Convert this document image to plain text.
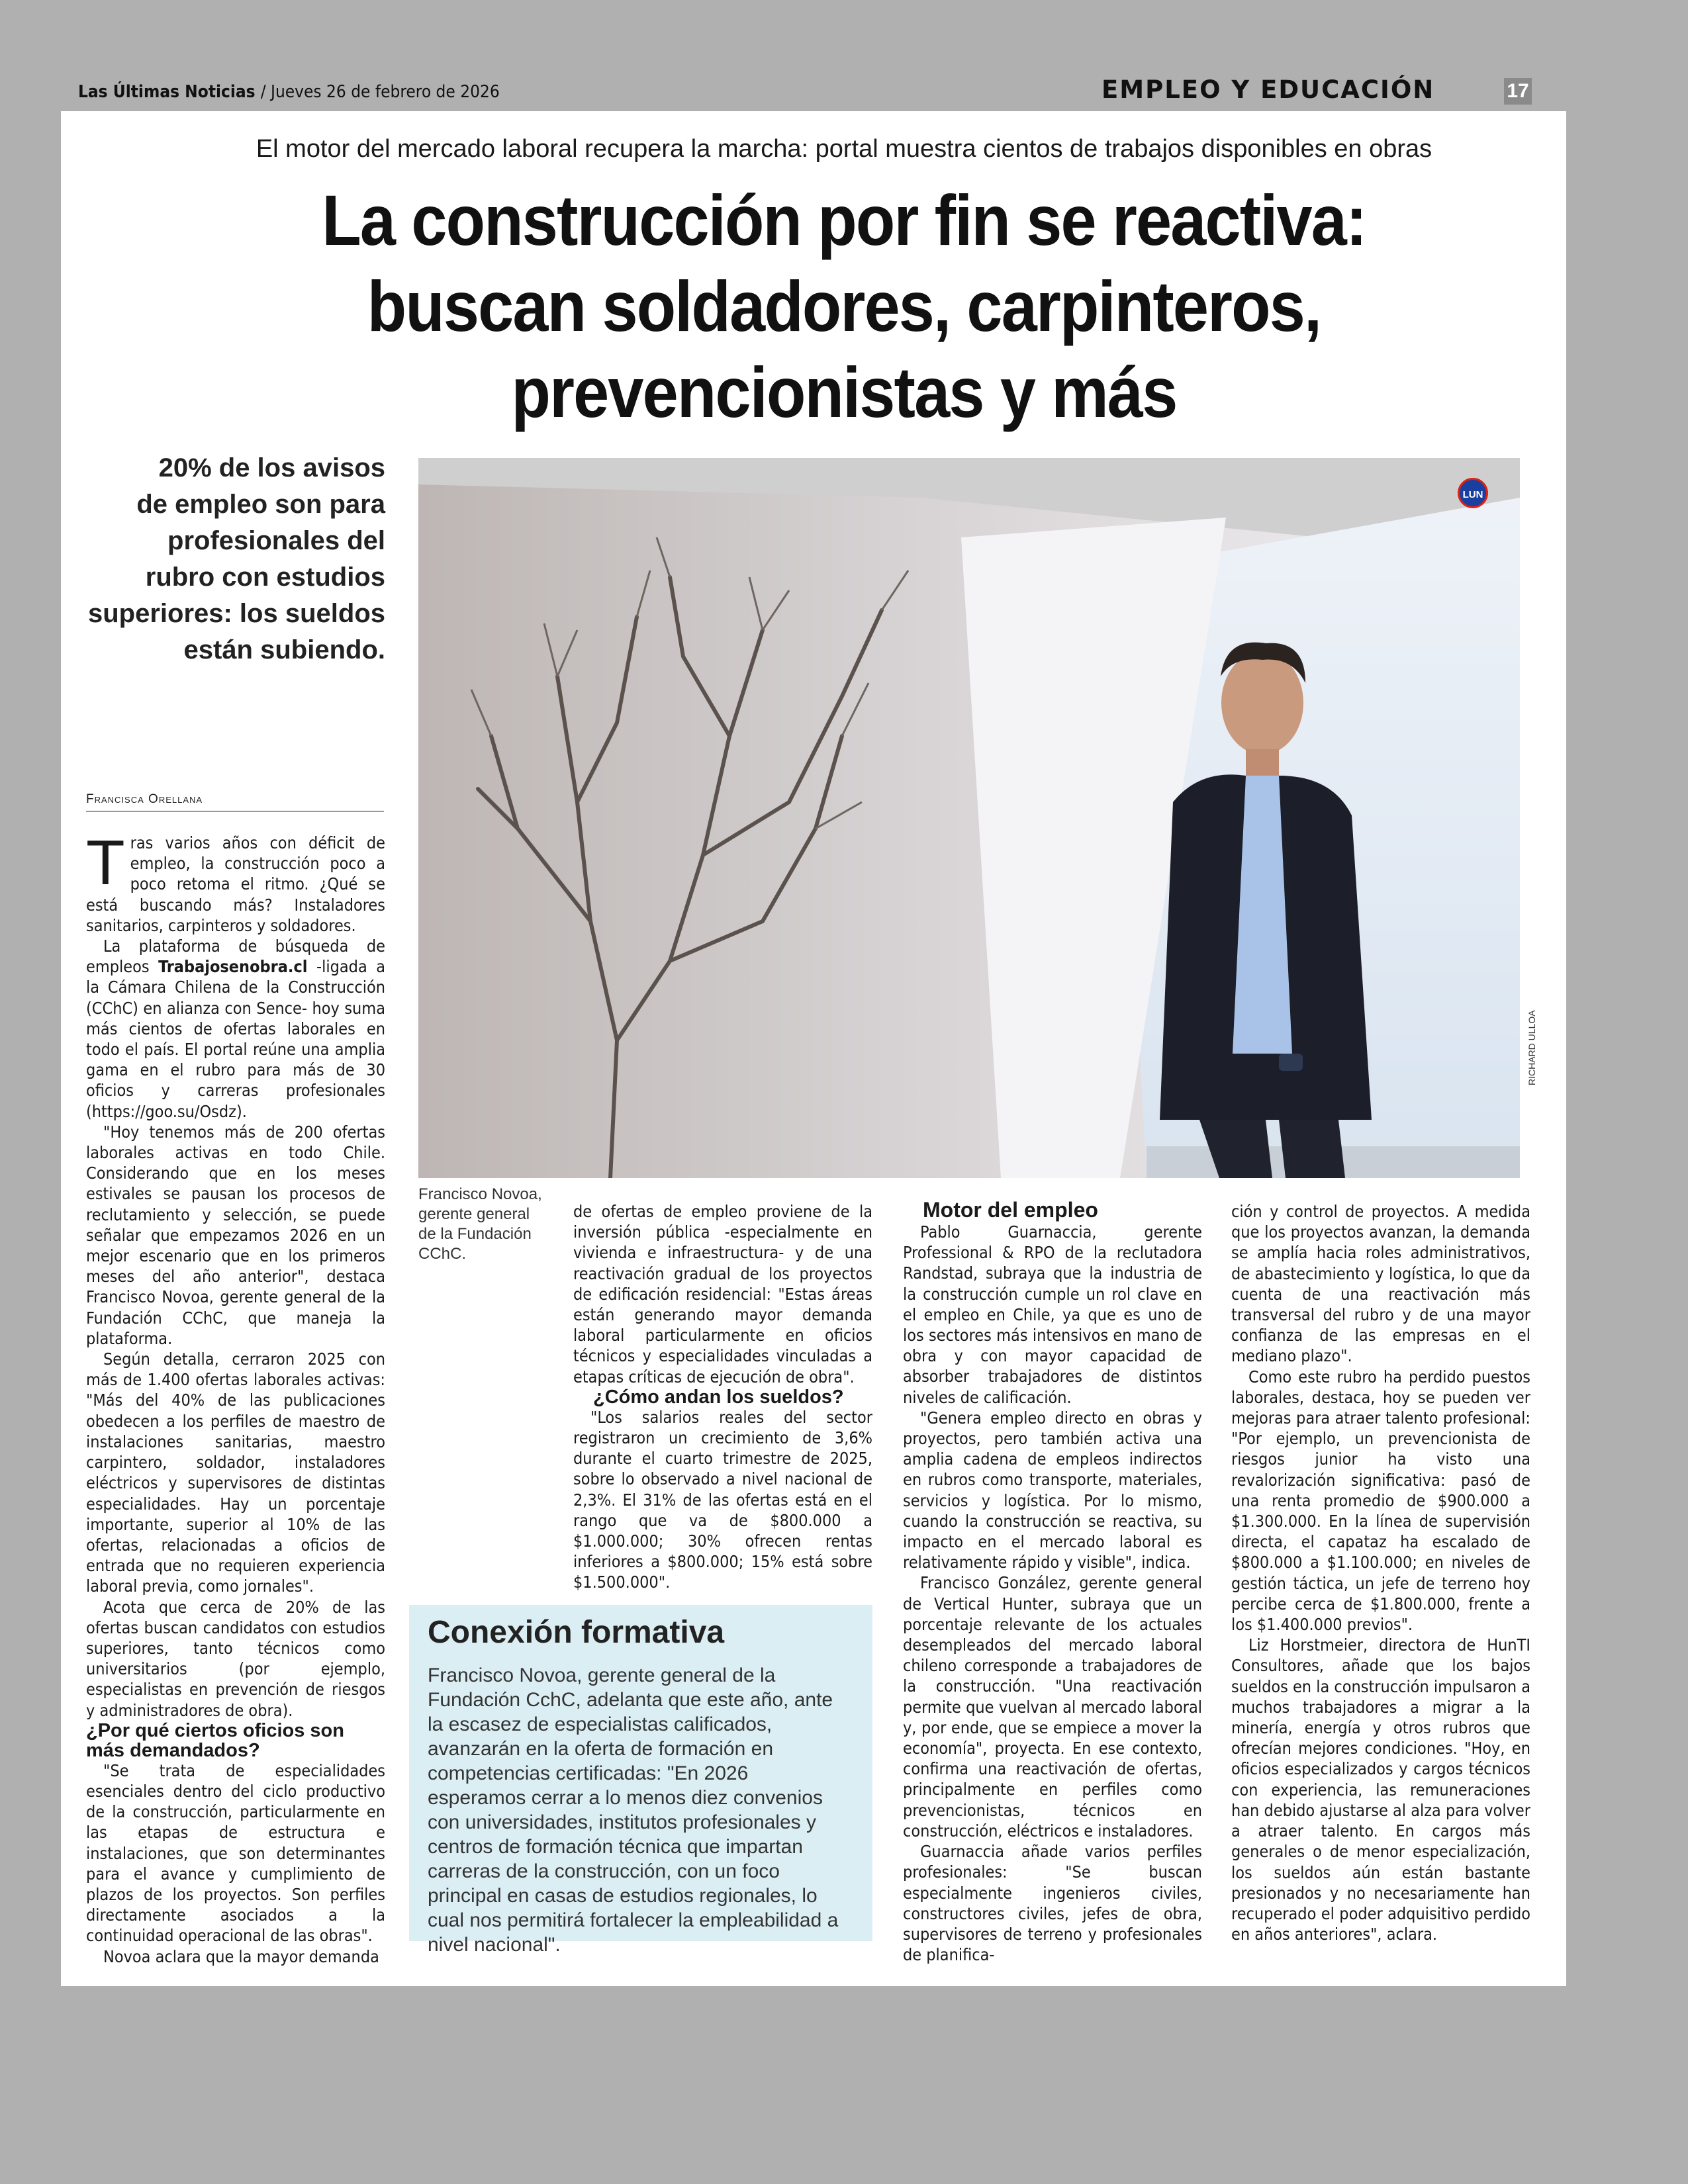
Las Últimas Noticias / Jueves 26 de febrero de 2026	EMPLEO Y EDUCACIÓN	17
El motor del mercado laboral recupera la marcha: portal muestra cientos de trabajos disponibles en obras
La construcción por fin se reactiva:
buscan soldadores, carpinteros,
prevencionistas y más
20% de los avisos
de empleo son para
profesionales del
rubro con estudios
superiores: los sueldos
están subiendo.
LUN
RICHARD ULLOA
Francisca Orellana

Tras varios años con déficit de empleo, la construcción poco a poco retoma el ritmo. ¿Qué se está buscando más? Instaladores sanitarios, carpinteros y soldadores.

La plataforma de búsqueda de empleos Trabajosenobra.cl -ligada a la Cámara Chilena de la Construcción (CChC) en alianza con Sence- hoy suma más cientos de ofertas laborales en todo el país. El portal reúne una amplia gama en el rubro para más de 30 oficios y carreras profesionales (https://goo.su/Osdz).

"Hoy tenemos más de 200 ofertas laborales activas en todo Chile. Considerando que en los meses estivales se pausan los procesos de reclutamiento y selección, se puede señalar que empezamos 2026 en un mejor escenario que en los primeros meses del año anterior", destaca Francisco Novoa, gerente general de la Fundación CChC, que maneja la plataforma.

Según detalla, cerraron 2025 con más de 1.400 ofertas laborales activas: "Más del 40% de las publicaciones obedecen a los perfiles de maestro de instalaciones sanitarias, maestro carpintero, soldador, instaladores eléctricos y supervisores de distintas especialidades. Hay un porcentaje importante, superior al 10% de las ofertas, relacionadas a oficios de entrada que no requieren experiencia laboral previa, como jornales".

Acota que cerca de 20% de las ofertas buscan candidatos con estudios superiores, tanto técnicos como universitarios (por ejemplo, especialistas en prevención de riesgos y administradores de obra).

¿Por qué ciertos oficios son más demandados?

"Se trata de especialidades esenciales dentro del ciclo productivo de la construcción, particularmente en las etapas de estructura e instalaciones, que son determinantes para el avance y cumplimiento de plazos de los proyectos. Son perfiles directamente asociados a la continuidad operacional de las obras".

Novoa aclara que la mayor demanda

Francisco Novoa, gerente general de la Fundación CChC.

de ofertas de empleo proviene de la inversión pública -especialmente en vivienda e infraestructura- y de una reactivación gradual de los proyectos de edificación residencial: "Estas áreas están generando mayor demanda laboral particularmente en oficios técnicos y especialidades vinculadas a etapas críticas de ejecución de obra".

¿Cómo andan los sueldos?

"Los salarios reales del sector registraron un crecimiento de 3,6% durante el cuarto trimestre de 2025, sobre lo observado a nivel nacional de 2,3%. El 31% de las ofertas está en el rango que va de $800.000 a $1.000.000; 30% ofrecen rentas inferiores a $800.000; 15% está sobre $1.500.000".

Conexión formativa
Francisco Novoa, gerente general de la Fundación CchC, adelanta que este año, ante la escasez de especialistas calificados, avanzarán en la oferta de formación en competencias certificadas: "En 2026 esperamos cerrar a lo menos diez convenios con universidades, institutos profesionales y centros de formación técnica que impartan carreras de la construcción, con un foco principal en casas de estudios regionales, lo cual nos permitirá fortalecer la empleabilidad a nivel nacional".
Motor del empleo

Pablo Guarnaccia, gerente Professional & RPO de la reclutadora Randstad, subraya que la industria de la construcción cumple un rol clave en el empleo en Chile, ya que es uno de los sectores más intensivos en mano de obra y con mayor capacidad de absorber trabajadores de distintos niveles de calificación.

"Genera empleo directo en obras y proyectos, pero también activa una amplia cadena de empleos indirectos en rubros como transporte, materiales, servicios y logística. Por lo mismo, cuando la construcción se reactiva, su impacto en el mercado laboral es relativamente rápido y visible", indica.

Francisco González, gerente general de Vertical Hunter, subraya que un porcentaje relevante de los actuales desempleados del mercado laboral chileno corresponde a trabajadores de la construcción. "Una reactivación permite que vuelvan al mercado laboral y, por ende, que se empiece a mover la economía", proyecta. En ese contexto, confirma una reactivación de ofertas, principalmente en perfiles como prevencionistas, técnicos en construcción, eléctricos e instaladores.

Guarnaccia añade varios perfiles profesionales: "Se buscan especialmente ingenieros civiles, constructores civiles, jefes de obra, supervisores de terreno y profesionales de planifica-

ción y control de proyectos. A medida que los proyectos avanzan, la demanda se amplía hacia roles administrativos, de abastecimiento y logística, lo que da cuenta de una reactivación más transversal del rubro y de una mayor confianza de las empresas en el mediano plazo".

Como este rubro ha perdido puestos laborales, destaca, hoy se pueden ver mejoras para atraer talento profesional: "Por ejemplo, un prevencionista de riesgos junior ha visto una revalorización significativa: pasó de una renta promedio de $900.000 a $1.300.000. En la línea de supervisión directa, el capataz ha escalado de $800.000 a $1.100.000; en niveles de gestión táctica, un jefe de terreno hoy percibe cerca de $1.800.000, frente a los $1.400.000 previos".

Liz Horstmeier, directora de HunTI Consultores, añade que los bajos sueldos en la construcción impulsaron a muchos trabajadores a migrar a la minería, energía y otros rubros que ofrecían mejores condiciones. "Hoy, en oficios especializados y cargos técnicos con experiencia, las remuneraciones han debido ajustarse al alza para volver a atraer talento. En cargos más generales o de menor especialización, los sueldos aún están bastante presionados y no necesariamente han recuperado el poder adquisitivo perdido en años anteriores", aclara.
